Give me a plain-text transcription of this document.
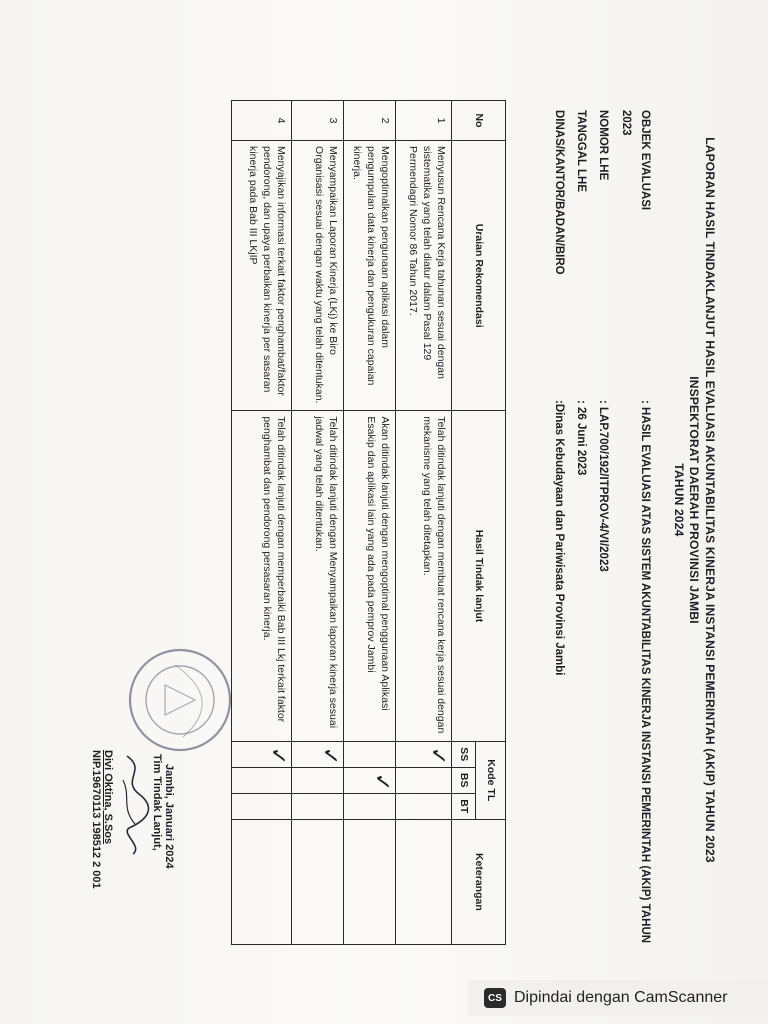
LAPORAN HASIL TINDAKLANJUT HASIL EVALUASI AKUNTABILITAS KINERJA INSTANSI PEMERINTAH (AKIP) TAHUN 2023
INSPEKTORAT DAERAH PROVINSI JAMBI
TAHUN 2024
OBJEK EVALUASI: HASIL EVALUASI ATAS SISTEM AKUNTABILITAS KINERJA INSTANSI PEMERINTAH (AKIP) TAHUN
2023
NOMOR LHE: LAP.700/192/ITPROV-4/VI/2023
TANGGAL LHE: 26 Juni 2023
DINAS/KANTOR/BADAN/BIRO:Dinas Kebudayaan dan Pariwisata Provinsi Jambi
No	Uraian Rekomendasi	Hasil Tindak lanjut	Kode TL			Keterangan
			SS	BS	BT	
1	Menyusun Rencana Kerja tahunan sesuai dengan sistematika yang telah diatur dalam Pasal 129 Permendagri Nomor 86 Tahun 2017.	Telah ditindak lanjuti dengan membuat rencana kerja sesuai dengan mekanisme yang telah ditetapkan.	✓			

2	Mengoptimalkan pengunaan aplikasi dalam pengumpulan data kinerja dan pengukuran capaian kinerja.	Akan ditindak lanjuti dengan mengoptimal penggunaan Aplikasi Esakip dan aplikasi lain yang ada pada pemprov Jambi		✓		

3	Menyampaikan Laporan Kinerja (LKj) ke Biro Organisasi sesuai dengan waktu yang telah ditentukan.	Telah ditindak lanjuti dengan Menyampaikan laporan kinerja sesuai jadwal yang telah ditentukan.	✓			

4	Menyajikan informasi terkait faktor penghambat/faktor pendorong, dan upaya perbaikan kinerja per sasaran kinerja pada Bab III LKjIP	Telah ditindak lanjuti dengan memperbaiki Bab III Lkj terkait faktor penghambat dan pendorong persasaran kinerja.	✓			

Jambi, Januari 2024
Tim Tindak Lanjut,
Divi Oktina, S.Sos
NIP.19670113 198512 2 001
CS Dipindai dengan CamScanner
